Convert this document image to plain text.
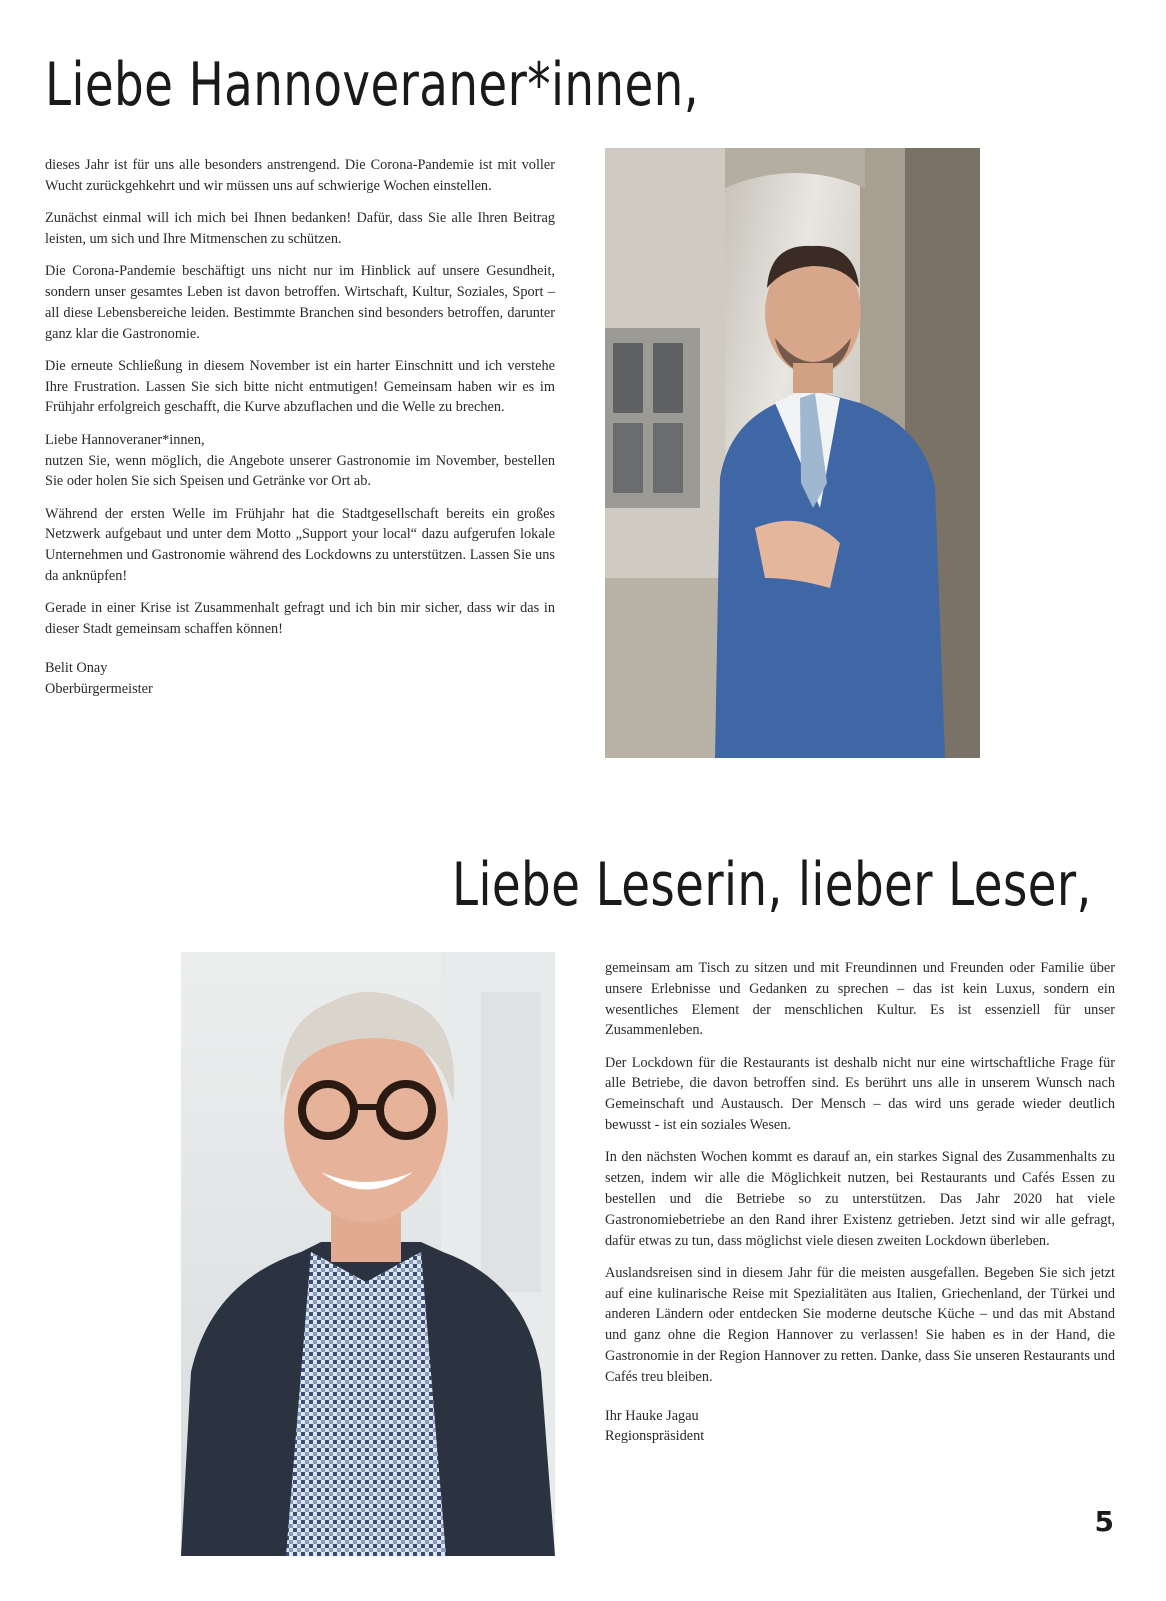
Liebe Hannoveraner*innen,

dieses Jahr ist für uns alle besonders anstrengend. Die Corona-Pandemie ist mit voller Wucht zurückgehkehrt und wir müssen uns auf schwierige Wochen einstellen.

Zunächst einmal will ich mich bei Ihnen bedanken! Dafür, dass Sie alle Ihren Beitrag leisten, um sich und Ihre Mitmenschen zu schützen.

Die Corona-Pandemie beschäftigt uns nicht nur im Hinblick auf unsere Gesundheit, sondern unser gesamtes Leben ist davon betroffen. Wirtschaft, Kultur, Soziales, Sport – all diese Lebensbereiche leiden. Bestimmte Branchen sind besonders betroffen, darunter ganz klar die Gastronomie.

Die erneute Schließung in diesem November ist ein harter Einschnitt und ich verstehe Ihre Frustration. Lassen Sie sich bitte nicht entmutigen! Gemeinsam haben wir es im Frühjahr erfolgreich geschafft, die Kurve abzuflachen und die Welle zu brechen.

Liebe Hannoveraner*innen,
nutzen Sie, wenn möglich, die Angebote unserer Gastronomie im November, bestellen Sie oder holen Sie sich Speisen und Getränke vor Ort ab.

Während der ersten Welle im Frühjahr hat die Stadtgesellschaft bereits ein großes Netzwerk aufgebaut und unter dem Motto „Support your local“ dazu aufgerufen lokale Unternehmen und Gastronomie während des Lockdowns zu unterstützen. Lassen Sie uns da anknüpfen!

Gerade in einer Krise ist Zusammenhalt gefragt und ich bin mir sicher, dass wir das in dieser Stadt gemeinsam schaffen können!

Belit Onay
Oberbürgermeister

Liebe Leserin, lieber Leser,

gemeinsam am Tisch zu sitzen und mit Freundinnen und Freunden oder Familie über unsere Erlebnisse und Gedanken zu sprechen – das ist kein Luxus, sondern ein wesentliches Element der menschlichen Kultur. Es ist essenziell für unser Zusammenleben.

Der Lockdown für die Restaurants ist deshalb nicht nur eine wirtschaftliche Frage für alle Betriebe, die davon betroffen sind. Es berührt uns alle in unserem Wunsch nach Gemeinschaft und Austausch. Der Mensch – das wird uns gerade wieder deutlich bewusst - ist ein soziales Wesen.

In den nächsten Wochen kommt es darauf an, ein starkes Signal des Zusammenhalts zu setzen, indem wir alle die Möglichkeit nutzen, bei Restaurants und Cafés Essen zu bestellen und die Betriebe so zu unterstützen. Das Jahr 2020 hat viele Gastronomiebetriebe an den Rand ihrer Existenz getrieben. Jetzt sind wir alle gefragt, dafür etwas zu tun, dass möglichst viele diesen zweiten Lockdown überleben.

Auslandsreisen sind in diesem Jahr für die meisten ausgefallen. Begeben Sie sich jetzt auf eine kulinarische Reise mit Spezialitäten aus Italien, Griechenland, der Türkei und anderen Ländern oder entdecken Sie moderne deutsche Küche – und das mit Abstand und ganz ohne die Region Hannover zu verlassen! Sie haben es in der Hand, die Gastronomie in der Region Hannover zu retten. Danke, dass Sie unseren Restaurants und Cafés treu bleiben.

Ihr Hauke Jagau
Regionspräsident

5
